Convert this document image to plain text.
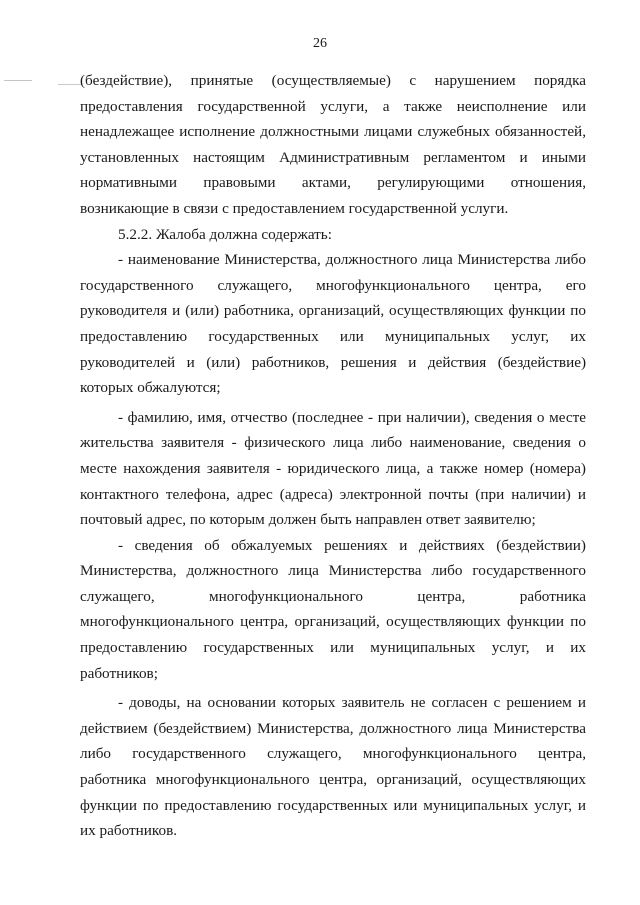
26

(бездействие), принятые (осуществляемые) с нарушением порядка предоставления государственной услуги, а также неисполнение или ненадлежащее исполнение должностными лицами служебных обязанностей, установленных настоящим Административным регламентом и иными нормативными правовыми актами, регулирующими отношения, возникающие в связи с предоставлением государственной услуги.

5.2.2. Жалоба должна содержать:

- наименование Министерства, должностного лица Министерства либо государственного служащего, многофункционального центра, его руководителя и (или) работника, организаций, осуществляющих функции по предоставлению государственных или муниципальных услуг, их руководителей и (или) работников, решения и действия (бездействие) которых обжалуются;

- фамилию, имя, отчество (последнее - при наличии), сведения о месте жительства заявителя - физического лица либо наименование, сведения о месте нахождения заявителя - юридического лица, а также номер (номера) контактного телефона, адрес (адреса) электронной почты (при наличии) и почтовый адрес, по которым должен быть направлен ответ заявителю;

- сведения об обжалуемых решениях и действиях (бездействии) Министерства, должностного лица Министерства либо государственного служащего, многофункционального центра, работника многофункционального центра, организаций, осуществляющих функции по предоставлению государственных или муниципальных услуг, и их работников;

- доводы, на основании которых заявитель не согласен с решением и действием (бездействием) Министерства, должностного лица Министерства либо государственного служащего, многофункционального центра, работника многофункционального центра, организаций, осуществляющих функции по предоставлению государственных или муниципальных услуг, и их работников.
